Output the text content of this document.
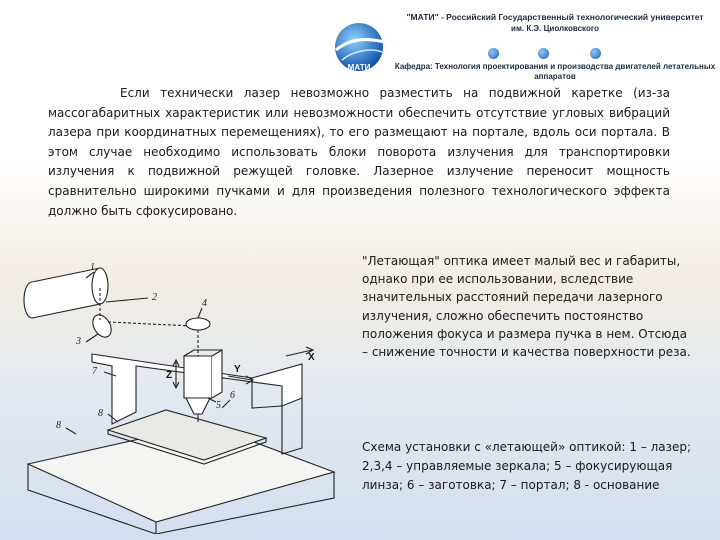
МАТИ
"МАТИ" - Российский Государственный технологический университет
им. К.Э. Циолковского
Кафедра: Технология проектирования и производства двигателей летательных аппаратов
Если технически лазер невозможно разместить на подвижной каретке (из-за массогабаритных характеристик или невозможности обеспечить отсутствие угловых вибраций лазера при координатных перемещениях), то его размещают на портале, вдоль оси портала. В этом случае необходимо использовать блоки поворота излучения для транспортировки излучения к подвижной режущей головке. Лазерное излучение переносит мощность сравнительно широкими пучками и для произведения полезного технологического эффекта должно быть сфокусировано.
1
2
3
4
5
6
7
8
8
Z
Y
X
"Летающая" оптика имеет малый вес и габариты, однако при ее использовании, вследствие значительных расстояний передачи лазерного излучения, сложно обеспечить постоянство положения фокуса и размера пучка в нем. Отсюда – снижение точности и качества поверхности реза.
Схема установки с «летающей» оптикой: 1 – лазер; 2,3,4 – управляемые зеркала; 5 – фокусирующая линза; 6 – заготовка; 7 – портал; 8 - основание
